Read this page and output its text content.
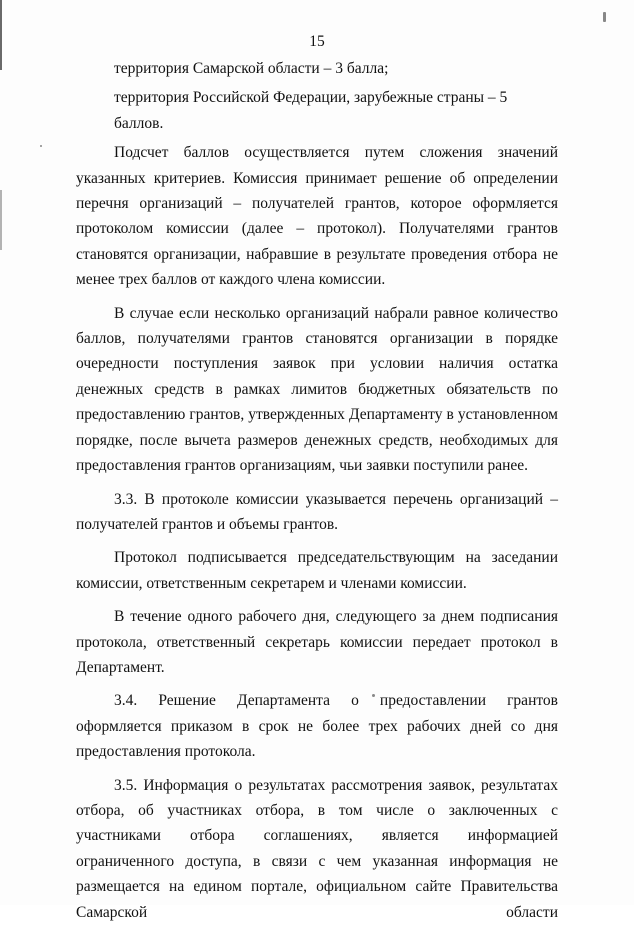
15

территория Самарской области – 3 балла;

территория Российской Федерации, зарубежные страны – 5 баллов.

Подсчет баллов осуществляется путем сложения значений указанных критериев. Комиссия принимает решение об определении перечня организаций – получателей грантов, которое оформляется протоколом комиссии (далее – протокол). Получателями грантов становятся организации, набравшие в результате проведения отбора не менее трех баллов от каждого члена комиссии.

В случае если несколько организаций набрали равное количество баллов, получателями грантов становятся организации в порядке очередности поступления заявок при условии наличия остатка денежных средств в рамках лимитов бюджетных обязательств по предоставлению грантов, утвержденных Департаменту в установленном порядке, после вычета размеров денежных средств, необходимых для предоставления грантов организациям, чьи заявки поступили ранее.

3.3. В протоколе комиссии указывается перечень организаций – получателей грантов и объемы грантов.

Протокол подписывается председательствующим на заседании комиссии, ответственным секретарем и членами комиссии.

В течение одного рабочего дня, следующего за днем подписания протокола, ответственный секретарь комиссии передает протокол в Департамент.

3.4. Решение Департамента о предоставлении грантов оформляется приказом в срок не более трех рабочих дней со дня предоставления протокола.

3.5. Информация о результатах рассмотрения заявок, результатах отбора, об участниках отбора, в том числе о заключенных с участниками отбора соглашениях, является информацией ограниченного доступа, в связи с чем указанная информация не размещается на едином портале, официальном сайте Правительства Самарской области
